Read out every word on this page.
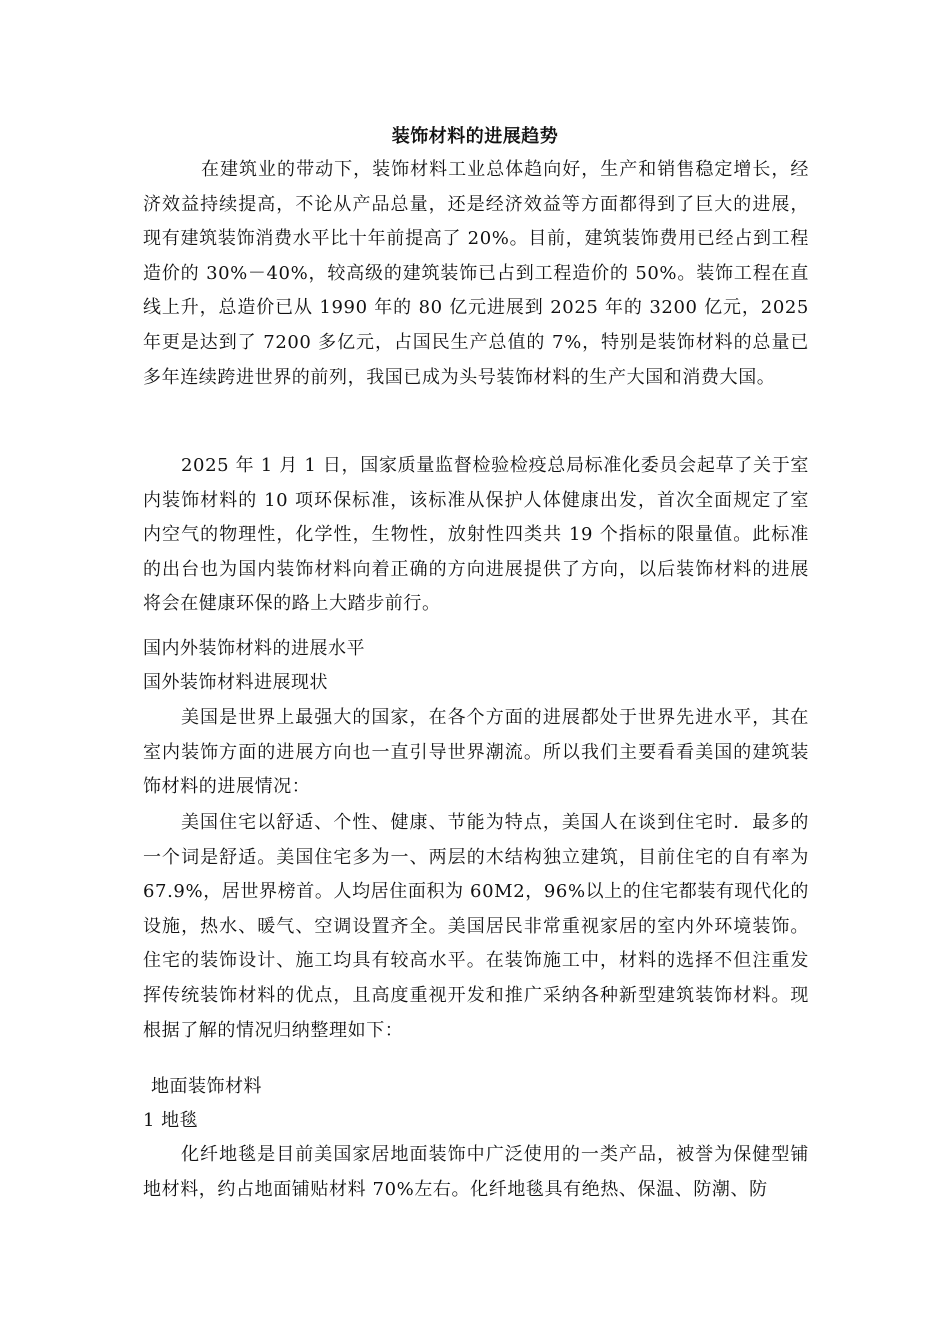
装饰材料的进展趋势

在建筑业的带动下，装饰材料工业总体趋向好，生产和销售稳定增长，经济效益持续提高，不论从产品总量，还是经济效益等方面都得到了巨大的进展，现有建筑装饰消费水平比十年前提高了 20%。目前，建筑装饰费用已经占到工程造价的 30%－40%，较高级的建筑装饰已占到工程造价的 50%。装饰工程在直线上升，总造价已从 1990 年的 80 亿元进展到 2025 年的 3200 亿元，2025 年更是达到了 7200 多亿元，占国民生产总值的 7%，特别是装饰材料的总量已多年连续跨进世界的前列，我国已成为头号装饰材料的生产大国和消费大国。

2025 年 1 月 1 日，国家质量监督检验检疫总局标准化委员会起草了关于室内装饰材料的 10 项环保标准，该标准从保护人体健康出发，首次全面规定了室内空气的物理性，化学性，生物性，放射性四类共 19 个指标的限量值。此标准的出台也为国内装饰材料向着正确的方向进展提供了方向，以后装饰材料的进展将会在健康环保的路上大踏步前行。

国内外装饰材料的进展水平

国外装饰材料进展现状

美国是世界上最强大的国家，在各个方面的进展都处于世界先进水平，其在室内装饰方面的进展方向也一直引导世界潮流。所以我们主要看看美国的建筑装饰材料的进展情况：

美国住宅以舒适、个性、健康、节能为特点，美国人在谈到住宅时．最多的一个词是舒适。美国住宅多为一、两层的木结构独立建筑，目前住宅的自有率为 67.9%，居世界榜首。人均居住面积为 60M2，96%以上的住宅都装有现代化的设施，热水、暖气、空调设置齐全。美国居民非常重视家居的室内外环境装饰。住宅的装饰设计、施工均具有较高水平。在装饰施工中，材料的选择不但注重发挥传统装饰材料的优点，且高度重视开发和推广采纳各种新型建筑装饰材料。现根据了解的情况归纳整理如下：

地面装饰材料

1 地毯

化纤地毯是目前美国家居地面装饰中广泛使用的一类产品，被誉为保健型铺地材料，约占地面铺贴材料 70%左右。化纤地毯具有绝热、保温、防潮、防
